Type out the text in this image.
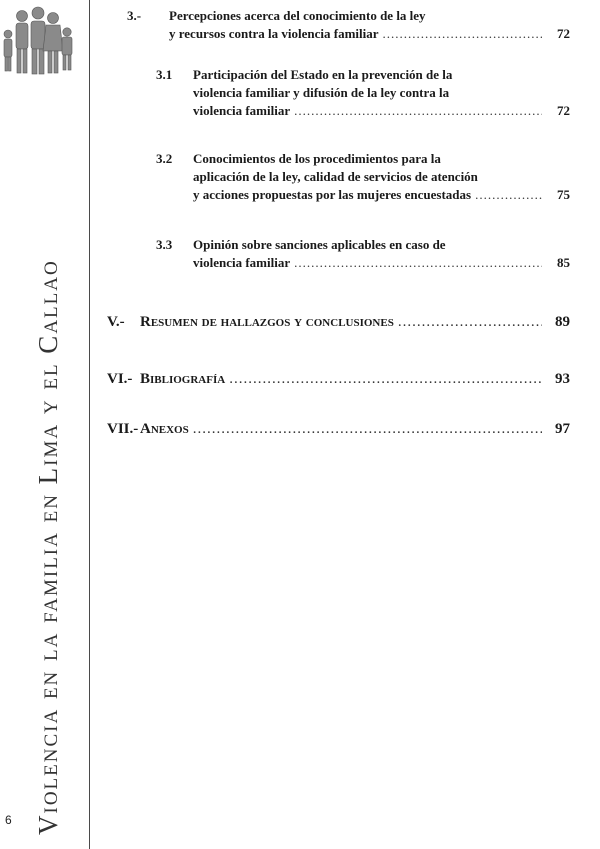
Violencia en la familia en Lima y el Callao
6
3.- Percepciones acerca del conocimiento de la ley
y recursos contra la violencia familiar .....	72
3.1 Participación del Estado en la prevención de la
violencia familiar y difusión de la ley contra la
violencia familiar .....	72
3.2 Conocimientos de los procedimientos para la
aplicación de la ley, calidad de servicios de atención
y acciones propuestas por las mujeres encuestadas .....	75
3.3 Opinión sobre sanciones aplicables en caso de
violencia familiar .....	85
V.- Resumen de hallazgos y conclusiones .....	89
VI.- Bibliografía .....	93
VII.- Anexos .....	97
